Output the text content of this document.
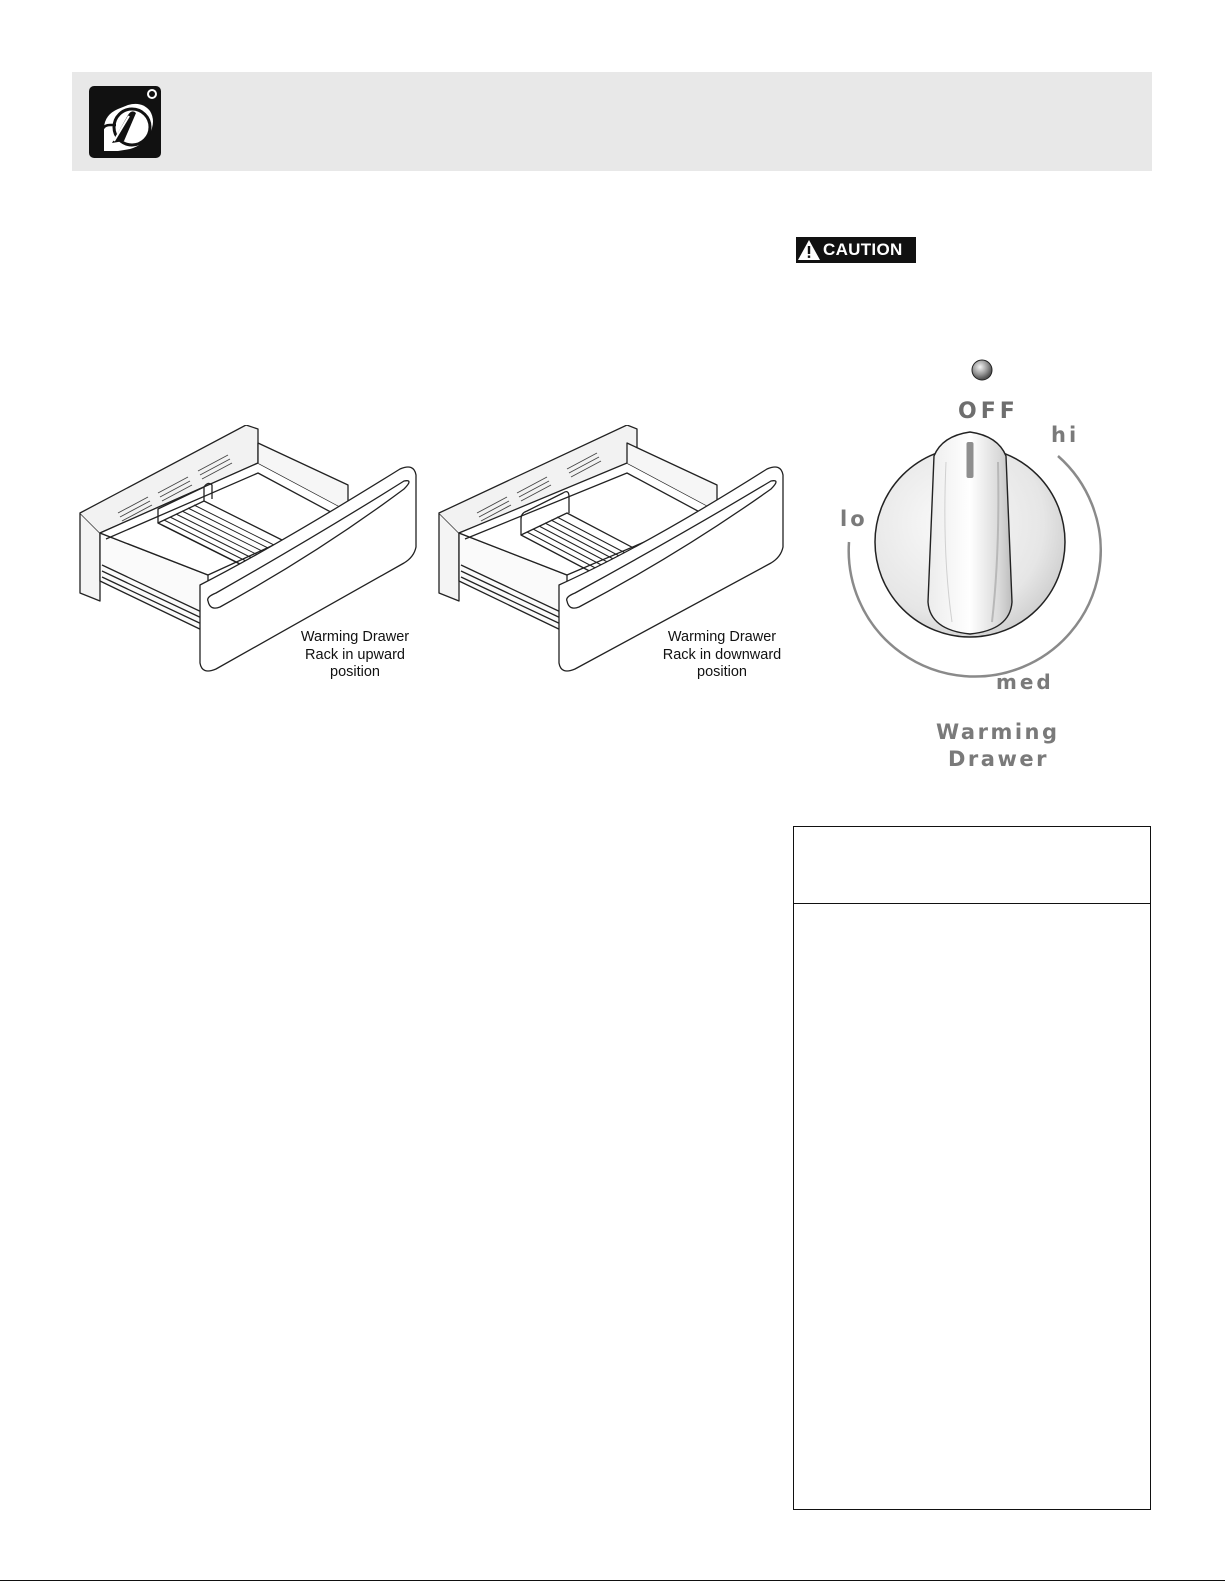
CAUTION
Warming Drawer
Rack in upward
position
Warming Drawer
Rack in downward
position
OFF
hi
lo
med
Warming
Drawer
